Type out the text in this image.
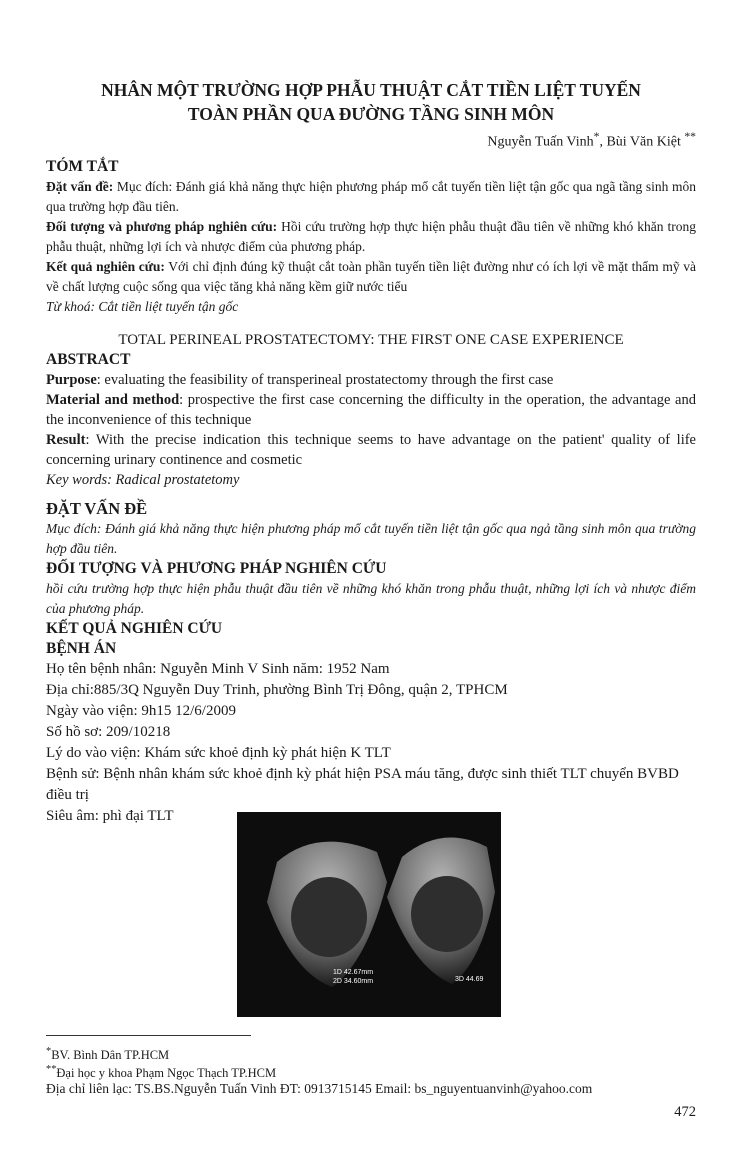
NHÂN MỘT TRƯỜNG HỢP PHẪU THUẬT CẮT TIỀN LIỆT TUYẾN

TOÀN PHẦN QUA ĐƯỜNG TẦNG SINH MÔN

Nguyễn Tuấn Vinh*, Bùi Văn Kiệt **
TÓM TẮT

Đặt vấn đề: Mục đích: Đánh giá khả năng thực hiện phương pháp mổ cắt tuyến tiền liệt tận gốc qua ngã tầng sinh môn qua trường hợp đầu tiên.

Đối tượng và phương pháp nghiên cứu: Hồi cứu trường hợp thực hiện phẫu thuật đầu tiên về những khó khăn trong phẫu thuật, những lợi ích và nhược điểm của phương pháp.

Kết quả nghiên cứu: Với chỉ định đúng kỹ thuật cắt toàn phần tuyến tiền liệt đường như có ích lợi về mặt thẩm mỹ và về chất lượng cuộc sống qua việc tăng khả năng kềm giữ nước tiểu

Từ khoá: Cắt tiền liệt tuyến tận gốc

TOTAL PERINEAL PROSTATECTOMY: THE FIRST ONE CASE EXPERIENCE

ABSTRACT

Purpose: evaluating the feasibility of transperineal prostatectomy through the first case

Material and method: prospective the first case concerning the difficulty in the operation, the advantage and the inconvenience of this technique

Result: With the precise indication this technique seems to have advantage on the patient' quality of life concerning urinary continence and cosmetic

Key words: Radical prostatetomy

ĐẶT VẤN ĐỀ

Mục đích: Đánh giá khả năng thực hiện phương pháp mổ cắt tuyến tiền liệt tận gốc qua ngả tầng sinh môn qua trường hợp đầu tiên.

ĐỐI TƯỢNG VÀ PHƯƠNG PHÁP NGHIÊN CỨU

hồi cứu trường hợp thực hiện phẫu thuật đầu tiên về những khó khăn trong phẫu thuật, những lợi ích và nhược điểm của phương pháp.

KẾT QUẢ NGHIÊN CỨU
BỆNH ÁN

Họ tên bệnh nhân: Nguyễn Minh V Sinh năm: 1952 Nam

Địa chỉ:885/3Q Nguyễn Duy Trinh, phường Bình Trị Đông, quận 2, TPHCM

Ngày vào viện: 9h15 12/6/2009

Số hồ sơ: 209/10218

Lý do vào viện: Khám sức khoẻ định kỳ phát hiện K TLT

Bệnh sử: Bệnh nhân khám sức khoẻ định kỳ phát hiện PSA máu tăng, được sinh thiết TLT chuyển BVBD điều trị

Siêu âm: phì đại TLT

1D 42.67mm
2D 34.60mm	3D 44.69
*BV. Bình Dân TP.HCM
**Đại học y khoa Phạm Ngọc Thạch TP.HCM
Địa chỉ liên lạc: TS.BS.Nguyễn Tuấn Vinh ĐT: 0913715145 Email: bs_nguyentuanvinh@yahoo.com
472
